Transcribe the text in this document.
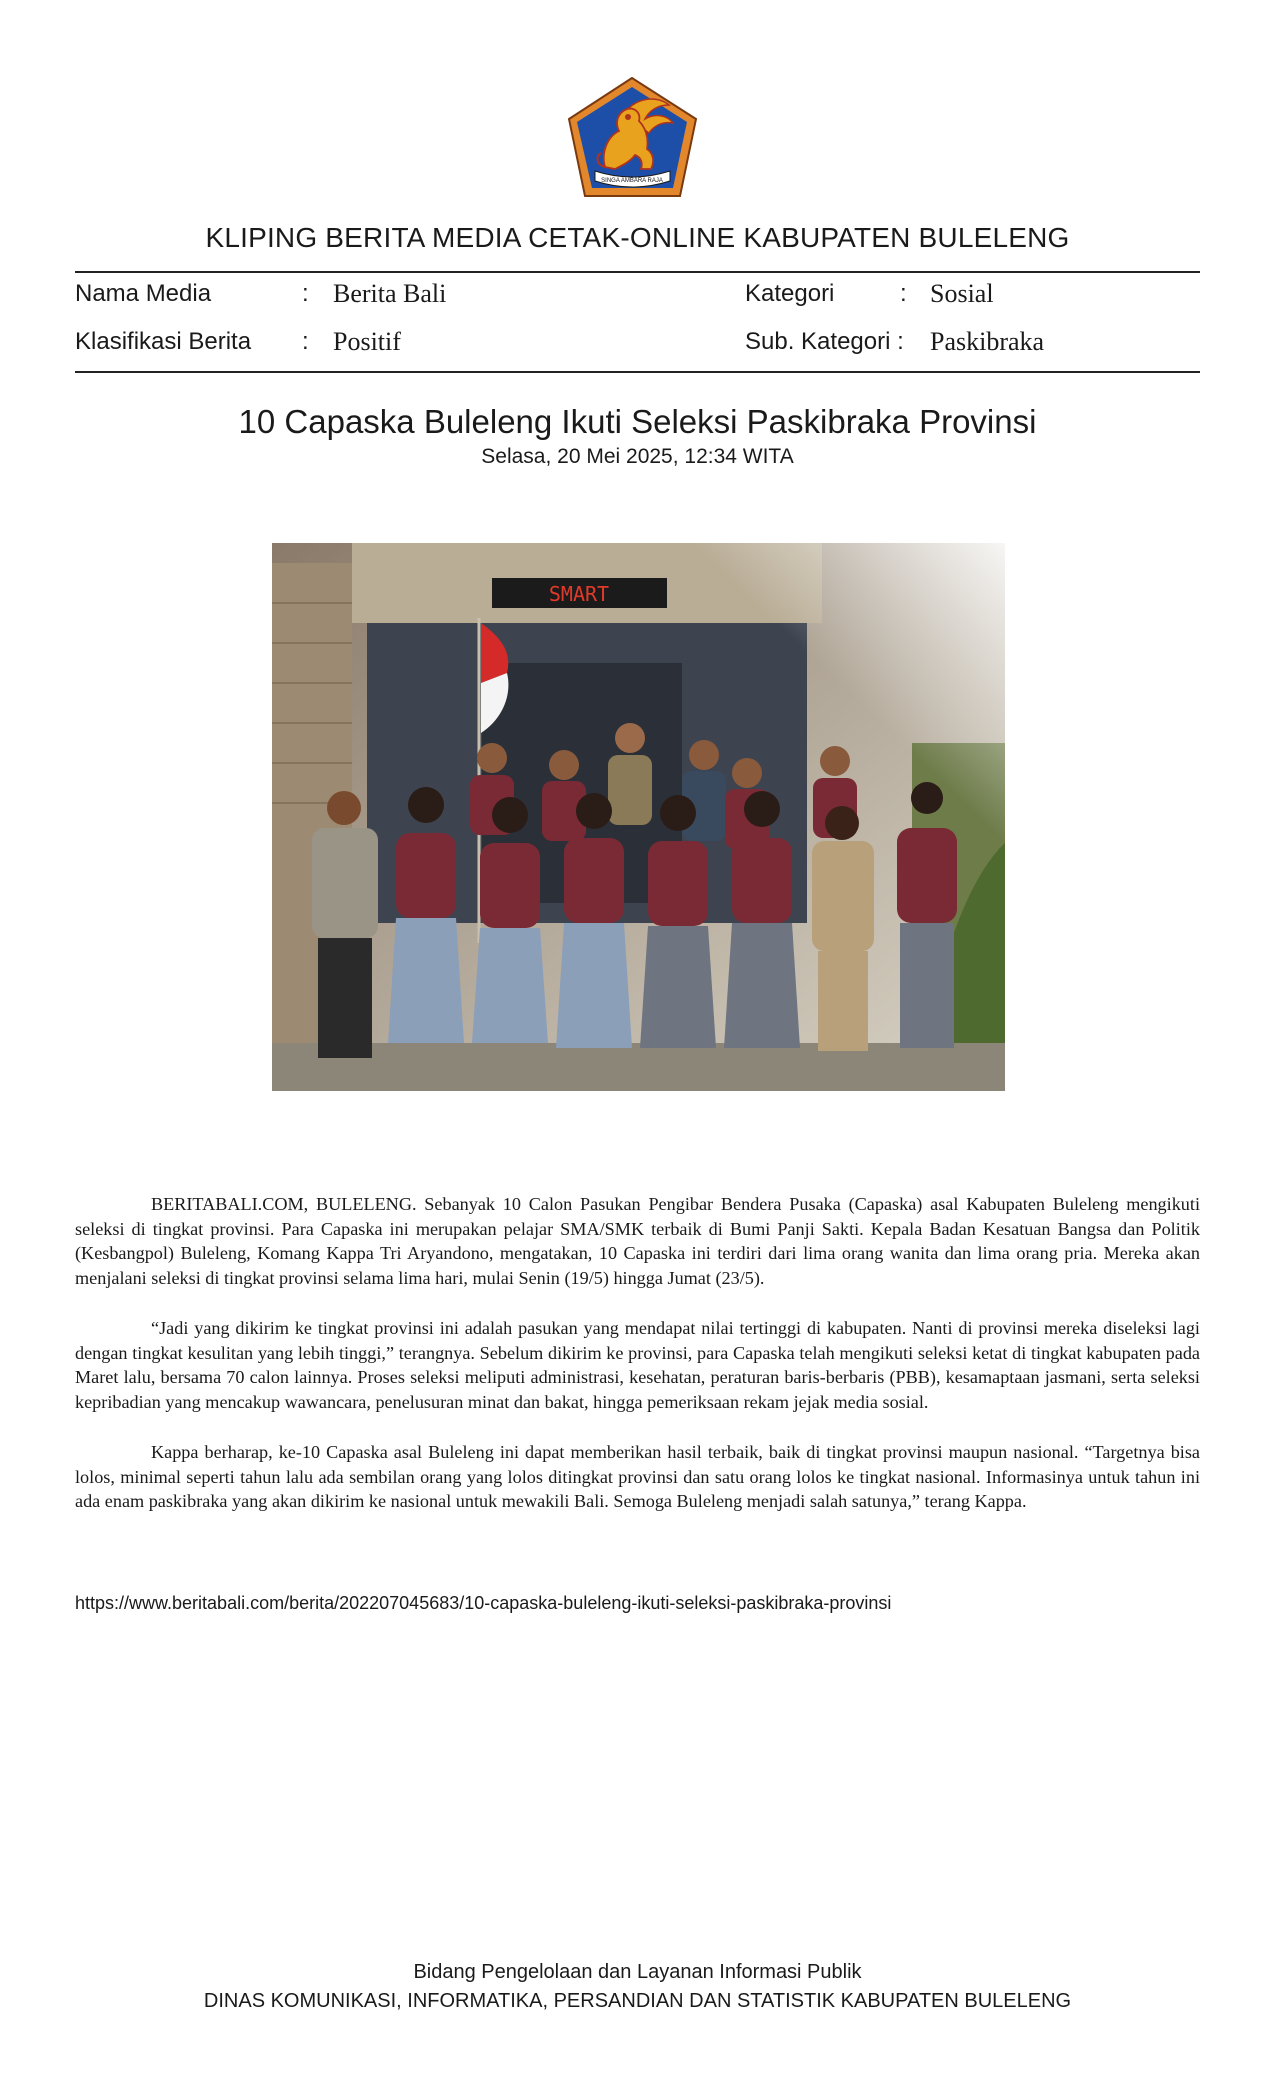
SINGA AMBARA RAJA
KLIPING BERITA MEDIA CETAK-ONLINE KABUPATEN BULELENG
Nama Media	: Berita Bali	Kategori	: Sosial
Klasifikasi Berita : Positif	Sub. Kategori : Paskibraka
10 Capaska Buleleng Ikuti Seleksi Paskibraka Provinsi
Selasa, 20 Mei 2025, 12:34 WITA
SMART

BERITABALI.COM, BULELENG. Sebanyak 10 Calon Pasukan Pengibar Bendera Pusaka (Capaska) asal Kabupaten Buleleng mengikuti seleksi di tingkat provinsi. Para Capaska ini merupakan pelajar SMA/SMK terbaik di Bumi Panji Sakti. Kepala Badan Kesatuan Bangsa dan Politik (Kesbangpol) Buleleng, Komang Kappa Tri Aryandono, mengatakan, 10 Capaska ini terdiri dari lima orang wanita dan lima orang pria. Mereka akan menjalani seleksi di tingkat provinsi selama lima hari, mulai Senin (19/5) hingga Jumat (23/5).

“Jadi yang dikirim ke tingkat provinsi ini adalah pasukan yang mendapat nilai tertinggi di kabupaten. Nanti di provinsi mereka diseleksi lagi dengan tingkat kesulitan yang lebih tinggi,” terangnya. Sebelum dikirim ke provinsi, para Capaska telah mengikuti seleksi ketat di tingkat kabupaten pada Maret lalu, bersama 70 calon lainnya. Proses seleksi meliputi administrasi, kesehatan, peraturan baris-berbaris (PBB), kesamaptaan jasmani, serta seleksi kepribadian yang mencakup wawancara, penelusuran minat dan bakat, hingga pemeriksaan rekam jejak media sosial.

Kappa berharap, ke-10 Capaska asal Buleleng ini dapat memberikan hasil terbaik, baik di tingkat provinsi maupun nasional. “Targetnya bisa lolos, minimal seperti tahun lalu ada sembilan orang yang lolos ditingkat provinsi dan satu orang lolos ke tingkat nasional. Informasinya untuk tahun ini ada enam paskibraka yang akan dikirim ke nasional untuk mewakili Bali. Semoga Buleleng menjadi salah satunya,” terang Kappa.

https://www.beritabali.com/berita/202207045683/10-capaska-buleleng-ikuti-seleksi-paskibraka-provinsi
Bidang Pengelolaan dan Layanan Informasi Publik
DINAS KOMUNIKASI, INFORMATIKA, PERSANDIAN DAN STATISTIK KABUPATEN BULELENG
